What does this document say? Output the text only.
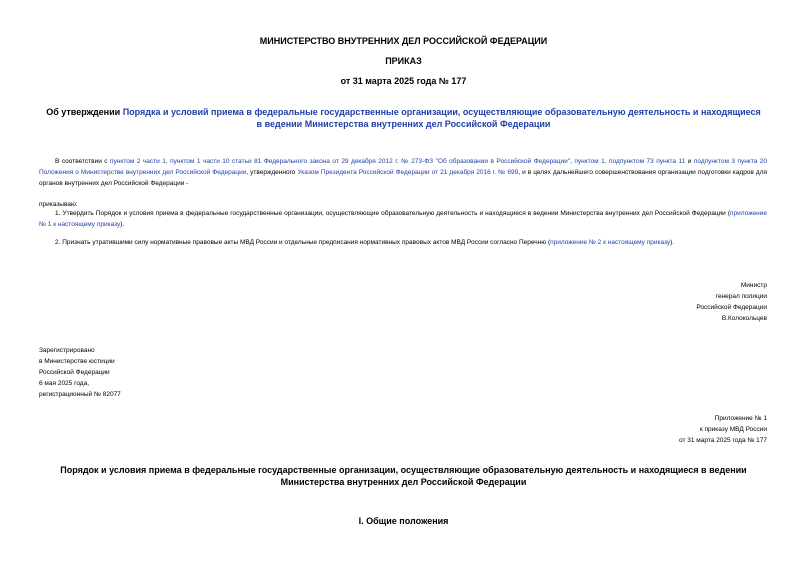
МИНИСТЕРСТВО ВНУТРЕННИХ ДЕЛ РОССИЙСКОЙ ФЕДЕРАЦИИ
ПРИКАЗ
от 31 марта 2025 года № 177
Об утверждении Порядка и условий приема в федеральные государственные организации, осуществляющие образовательную деятельность и находящиеся в ведении Министерства внутренних дел Российской Федерации
В соответствии с пунктом 2 части 1, пунктом 1 части 10 статьи 81 Федерального закона от 29 декабря 2012 г. № 273-ФЗ "Об образовании в Российской Федерации", пунктом 1, подпунктом 73 пункта 11 и подпунктом 3 пункта 20 Положения о Министерстве внутренних дел Российской Федерации, утвержденного Указом Президента Российской Федерации от 21 декабря 2016 г. № 699, и в целях дальнейшего совершенствования организации подготовки кадров для органов внутренних дел Российской Федерации -
приказываю:
1. Утвердить Порядок и условия приема в федеральные государственные организации, осуществляющие образовательную деятельность и находящиеся в ведении Министерства внутренних дел Российской Федерации (приложение № 1 к настоящему приказу).
2. Признать утратившими силу нормативные правовые акты МВД России и отдельные предписания нормативных правовых актов МВД России согласно Перечню (приложение № 2 к настоящему приказу).
Министр
генерал полиции
Российской Федерации
В.Колокольцев
Зарегистрировано
в Министерстве юстиции
Российской Федерации
6 мая 2025 года,
регистрационный № 82077
Приложение № 1
к приказу МВД России
от 31 марта 2025 года № 177
Порядок и условия приема в федеральные государственные организации, осуществляющие образовательную деятельность и находящиеся в ведении Министерства внутренних дел Российской Федерации
I. Общие положения
